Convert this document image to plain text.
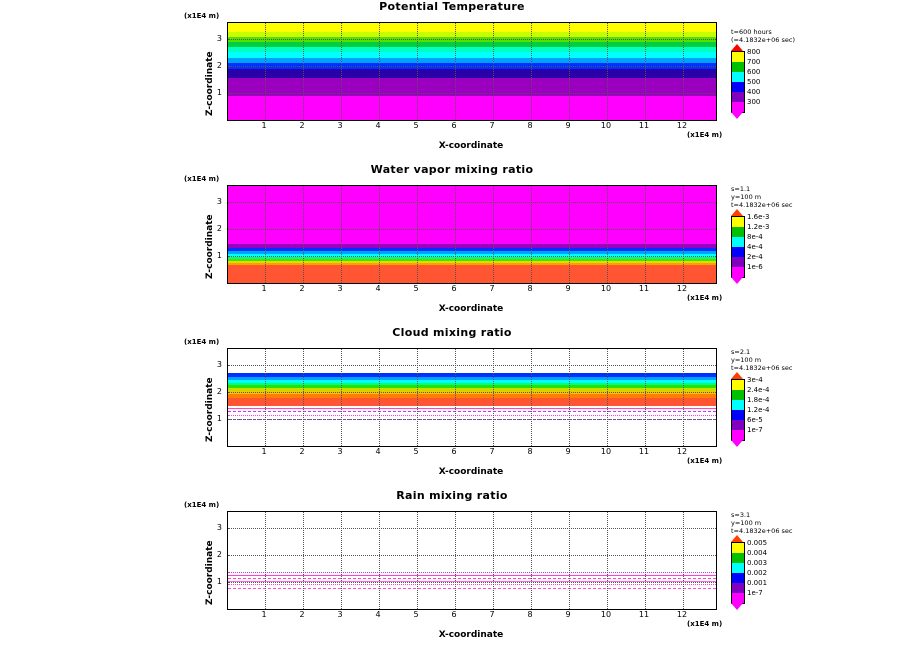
Potential Temperature
(x1E4 m)
Z-coordinate 1
2
3
1	2	3	4	5	6	7	8	9	10	11	12
(x1E4 m)
X-coordinate
t=600 hours
(=4.1832e+06 sec)
800
700
600
500
400
300
Water vapor mixing ratio
(x1E4 m)
Z-coordinate 1
2
3
1	2	3	4	5	6	7	8	9	10	11	12
(x1E4 m)
X-coordinate
s=1.1
y=100 m
t=4.1832e+06 sec
1.6e-3
1.2e-3
8e-4
4e-4
2e-4
1e-6
Cloud mixing ratio
(x1E4 m)
Z-coordinate 1
2
3
1	2	3	4	5	6	7	8	9	10	11	12
(x1E4 m)
X-coordinate
s=2.1
y=100 m
t=4.1832e+06 sec
3e-4
2.4e-4
1.8e-4
1.2e-4
6e-5
1e-7
Rain mixing ratio
(x1E4 m)
Z-coordinate 1
2
3
1	2	3	4	5	6	7	8	9	10	11	12
(x1E4 m)
X-coordinate
s=3.1
y=100 m
t=4.1832e+06 sec
0.005
0.004
0.003
0.002
0.001
1e-7
